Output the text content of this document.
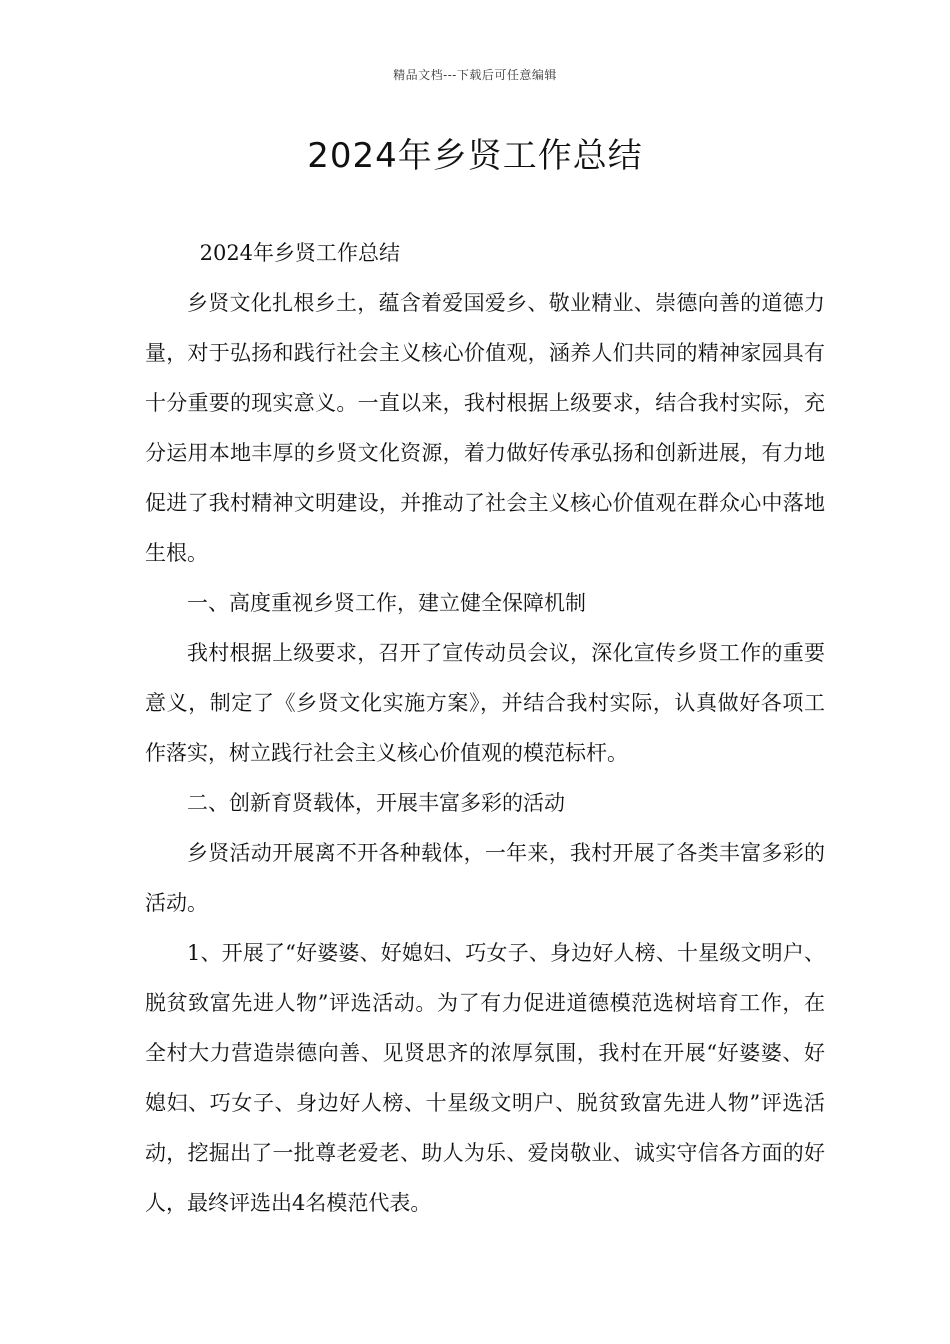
精品文档---下载后可任意编辑
2024年乡贤工作总结

2024年乡贤工作总结

乡贤文化扎根乡土，蕴含着爱国爱乡、敬业精业、崇德向善的道德力量，对于弘扬和践行社会主义核心价值观，涵养人们共同的精神家园具有十分重要的现实意义。一直以来，我村根据上级要求，结合我村实际，充分运用本地丰厚的乡贤文化资源，着力做好传承弘扬和创新进展，有力地促进了我村精神文明建设，并推动了社会主义核心价值观在群众心中落地生根。

一、高度重视乡贤工作，建立健全保障机制

我村根据上级要求，召开了宣传动员会议，深化宣传乡贤工作的重要意义，制定了《乡贤文化实施方案》，并结合我村实际，认真做好各项工作落实，树立践行社会主义核心价值观的模范标杆。

二、创新育贤载体，开展丰富多彩的活动

乡贤活动开展离不开各种载体，一年来，我村开展了各类丰富多彩的活动。

1、开展了“好婆婆、好媳妇、巧女子、身边好人榜、十星级文明户、脱贫致富先进人物”评选活动。为了有力促进道德模范选树培育工作，在全村大力营造崇德向善、见贤思齐的浓厚氛围，我村在开展“好婆婆、好媳妇、巧女子、身边好人榜、十星级文明户、脱贫致富先进人物”评选活动，挖掘出了一批尊老爱老、助人为乐、爱岗敬业、诚实守信各方面的好人，最终评选出4名模范代表。
